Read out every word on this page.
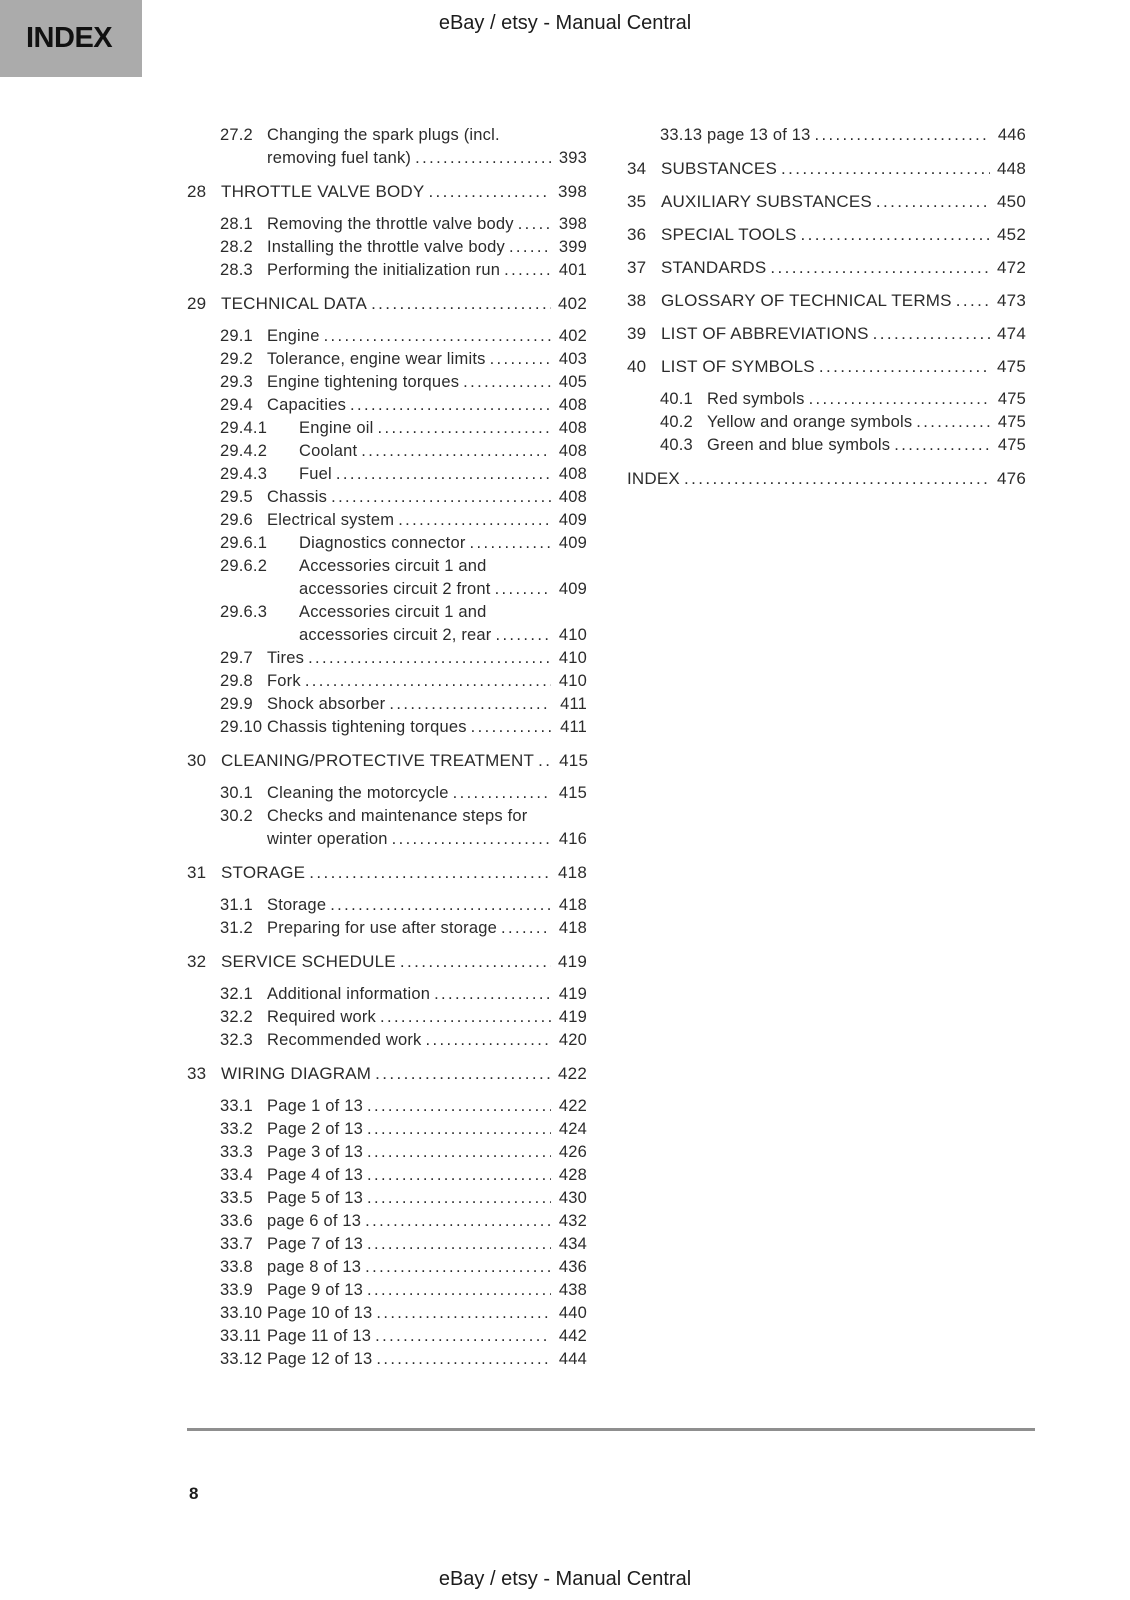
INDEX	eBay / etsy - Manual Central
27.2 Changing the spark plugs (incl.
removing fuel tank) .....	393
28 THROTTLE VALVE BODY .....	398
28.1 Removing the throttle valve body .....	398
28.2 Installing the throttle valve body .....	399
28.3 Performing the initialization run .....	401
29 TECHNICAL DATA .....	402
29.1 Engine .....	402
29.2 Tolerance, engine wear limits .....	403
29.3 Engine tightening torques .....	405
29.4 Capacities .....	408
29.4.1	Engine oil .....	408
29.4.2	Coolant .....	408
29.4.3	Fuel .....	408
29.5 Chassis .....	408
29.6 Electrical system .....	409
29.6.1	Diagnostics connector .....	409
29.6.2	Accessories circuit 1 and
accessories circuit 2 front .....	409
29.6.3	Accessories circuit 1 and
accessories circuit 2, rear .....	410
29.7 Tires .....	410
29.8 Fork .....	410
29.9 Shock absorber .....	411
29.10 Chassis tightening torques .....	411
30 CLEANING/PROTECTIVE TREATMENT ..... 415
30.1 Cleaning the motorcycle .....	415
30.2 Checks and maintenance steps for
winter operation .....	416
31 STORAGE .....	418
31.1 Storage .....	418
31.2 Preparing for use after storage .....	418
32 SERVICE SCHEDULE .....	419
32.1 Additional information .....	419
32.2 Required work .....	419
32.3 Recommended work .....	420
33 WIRING DIAGRAM .....	422
33.1 Page 1 of 13 .....	422
33.2 Page 2 of 13 .....	424
33.3 Page 3 of 13 .....	426
33.4 Page 4 of 13 .....	428
33.5 Page 5 of 13 .....	430
33.6 page 6 of 13 .....	432
33.7 Page 7 of 13 .....	434
33.8 page 8 of 13 .....	436
33.9 Page 9 of 13 .....	438
33.10 Page 10 of 13 .....	440
33.11 Page 11 of 13 .....	442
33.12 Page 12 of 13 .....	444
33.13 page 13 of 13 .....	446
34 SUBSTANCES .....	448
35 AUXILIARY SUBSTANCES .....	450
36 SPECIAL TOOLS .....	452
37 STANDARDS .....	472
38 GLOSSARY OF TECHNICAL TERMS .....	473
39 LIST OF ABBREVIATIONS .....	474
40 LIST OF SYMBOLS .....	475
40.1 Red symbols .....	475
40.2 Yellow and orange symbols .....	475
40.3 Green and blue symbols .....	475
INDEX .....	476
8
eBay / etsy - Manual Central
